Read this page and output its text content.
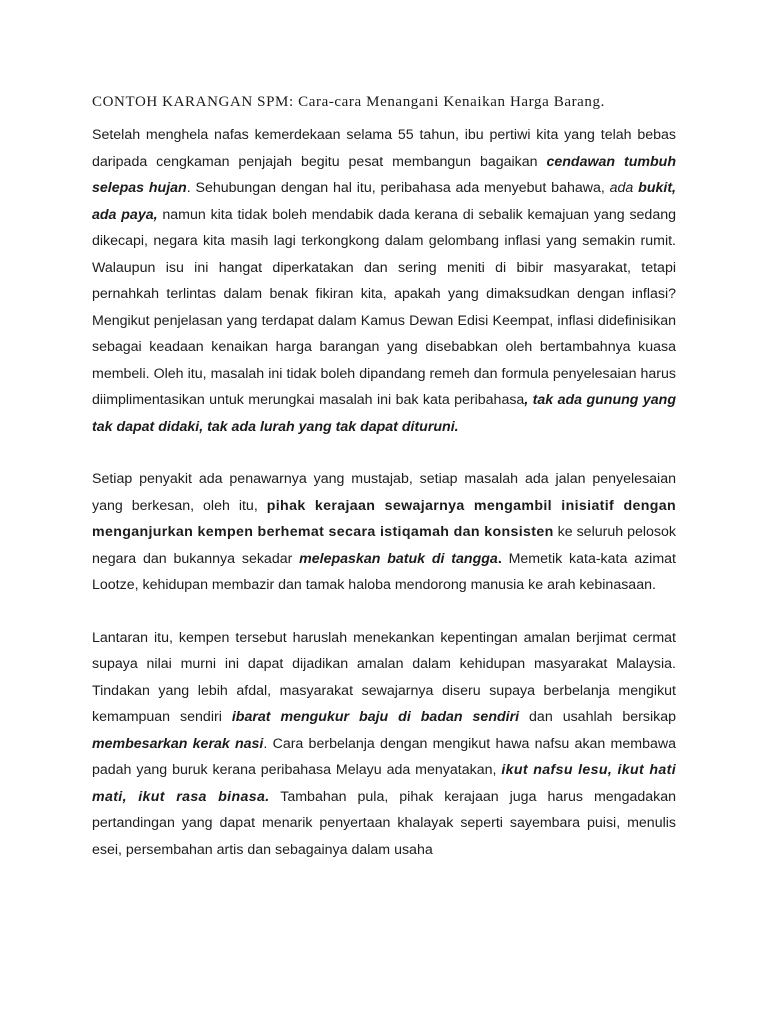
CONTOH KARANGAN SPM: Cara-cara Menangani Kenaikan Harga Barang.

Setelah menghela nafas kemerdekaan selama 55 tahun, ibu pertiwi kita yang telah bebas daripada cengkaman penjajah begitu pesat membangun bagaikan cendawan tumbuh selepas hujan. Sehubungan dengan hal itu, peribahasa ada menyebut bahawa, ada bukit, ada paya, namun kita tidak boleh mendabik dada kerana di sebalik kemajuan yang sedang dikecapi, negara kita masih lagi terkongkong dalam gelombang inflasi yang semakin rumit. Walaupun isu ini hangat diperkatakan dan sering meniti di bibir masyarakat, tetapi pernahkah terlintas dalam benak fikiran kita, apakah yang dimaksudkan dengan inflasi? Mengikut penjelasan yang terdapat dalam Kamus Dewan Edisi Keempat, inflasi didefinisikan sebagai keadaan kenaikan harga barangan yang disebabkan oleh bertambahnya kuasa membeli. Oleh itu, masalah ini tidak boleh dipandang remeh dan formula penyelesaian harus diimplimentasikan untuk merungkai masalah ini bak kata peribahasa, tak ada gunung yang tak dapat didaki, tak ada lurah yang tak dapat dituruni.

Setiap penyakit ada penawarnya yang mustajab, setiap masalah ada jalan penyelesaian yang berkesan, oleh itu, pihak kerajaan sewajarnya mengambil inisiatif dengan menganjurkan kempen berhemat secara istiqamah dan konsisten ke seluruh pelosok negara dan bukannya sekadar melepaskan batuk di tangga. Memetik kata-kata azimat Lootze, kehidupan membazir dan tamak haloba mendorong manusia ke arah kebinasaan.

Lantaran itu, kempen tersebut haruslah menekankan kepentingan amalan berjimat cermat supaya nilai murni ini dapat dijadikan amalan dalam kehidupan masyarakat Malaysia. Tindakan yang lebih afdal, masyarakat sewajarnya diseru supaya berbelanja mengikut kemampuan sendiri ibarat mengukur baju di badan sendiri dan usahlah bersikap membesarkan kerak nasi. Cara berbelanja dengan mengikut hawa nafsu akan membawa padah yang buruk kerana peribahasa Melayu ada menyatakan, ikut nafsu lesu, ikut hati mati, ikut rasa binasa. Tambahan pula, pihak kerajaan juga harus mengadakan pertandingan yang dapat menarik penyertaan khalayak seperti sayembara puisi, menulis esei, persembahan artis dan sebagainya dalam usaha
